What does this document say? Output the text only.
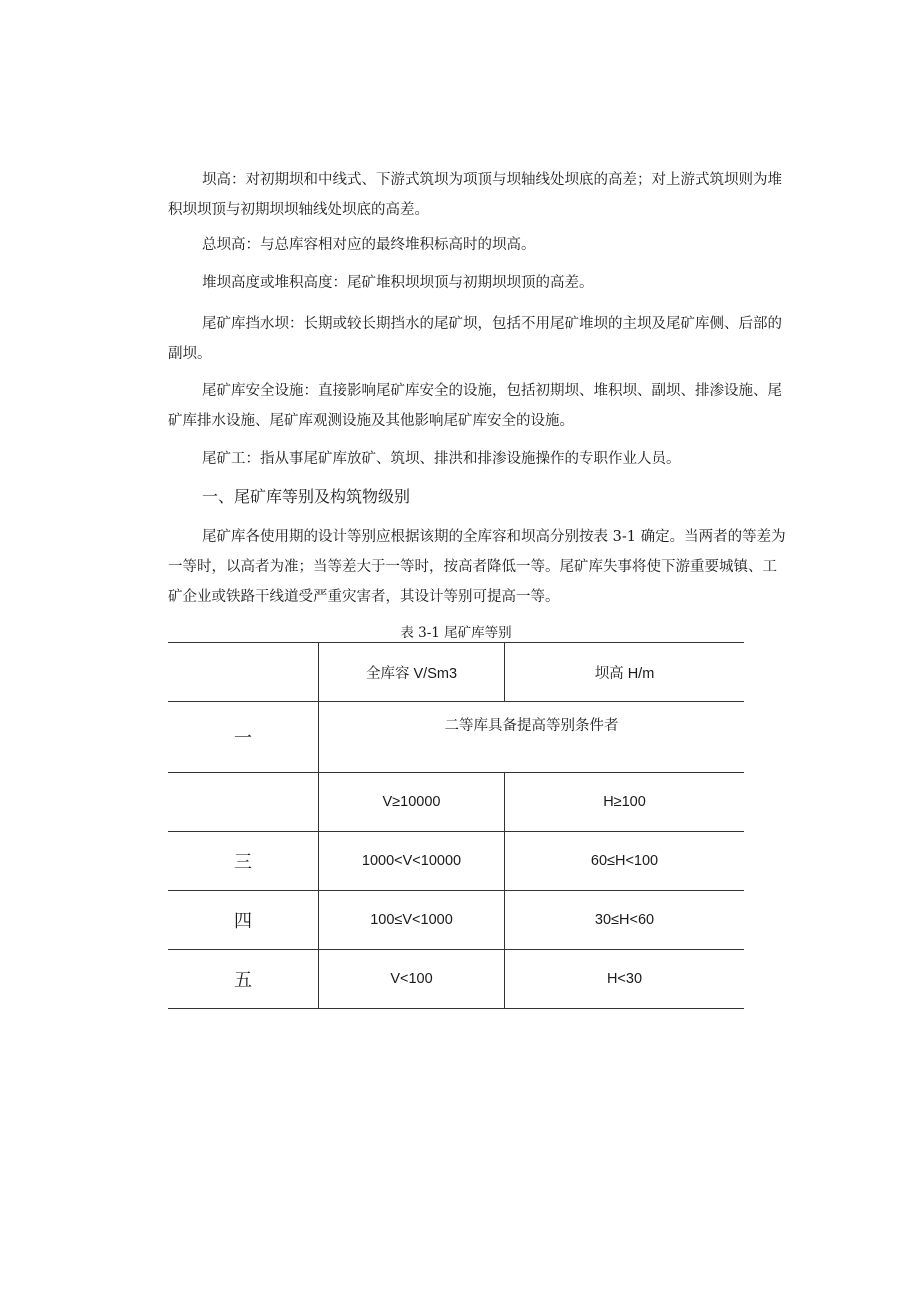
坝高：对初期坝和中线式、下游式筑坝为项顶与坝轴线处坝底的高差；对上游式筑坝则为堆
积坝坝顶与初期坝坝轴线处坝底的高差。

总坝高：与总库容相对应的最终堆积标高时的坝高。

堆坝高度或堆积高度：尾矿堆积坝坝顶与初期坝坝顶的高差。

尾矿库挡水坝：长期或较长期挡水的尾矿坝，包括不用尾矿堆坝的主坝及尾矿库侧、后部的
副坝。

尾矿库安全设施：直接影响尾矿库安全的设施，包括初期坝、堆积坝、副坝、排渗设施、尾
矿库排水设施、尾矿库观测设施及其他影响尾矿库安全的设施。

尾矿工：指从事尾矿库放矿、筑坝、排洪和排渗设施操作的专职作业人员。

一、尾矿库等别及构筑物级别

尾矿库各使用期的设计等别应根据该期的全库容和坝高分别按表 3-1 确定。当两者的等差为
一等时，以高者为准；当等差大于一等时，按高者降低一等。尾矿库失事将使下游重要城镇、工
矿企业或铁路干线道受严重灾害者，其设计等别可提高一等。

表 3-1 尾矿库等别
	全库容 V/Sm3	坝高 H/m
一	二等库具备提高等别条件者	
	V≥10000	H≥100
三	1000<V<10000	60≤H<100
四	100≤V<1000	30≤H<60
五	V<100	H<30
